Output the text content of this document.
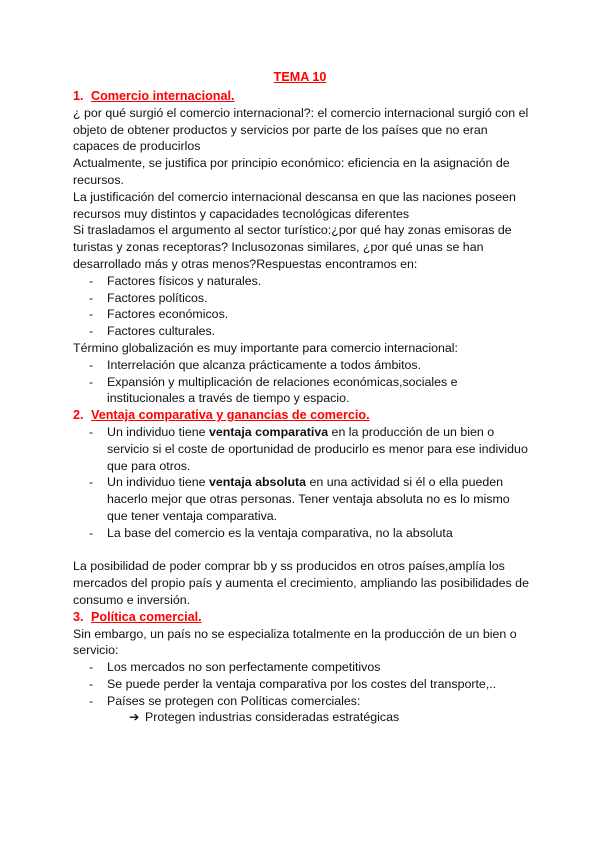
TEMA 10
1. Comercio internacional.

¿ por qué surgió el comercio internacional?: el comercio internacional surgió con el objeto de obtener productos y servicios por parte de los países que no eran capaces de producirlos

Actualmente, se justifica por principio económico: eficiencia en la asignación de recursos.

La justificación del comercio internacional descansa en que las naciones poseen recursos muy distintos y capacidades tecnológicas diferentes

Si trasladamos el argumento al sector turístico:¿por qué hay zonas emisoras de turistas y zonas receptoras? Inclusozonas similares, ¿por qué unas se han desarrollado más y otras menos?Respuestas encontramos en:

- Factores físicos y naturales.
- Factores políticos.
- Factores económicos.
- Factores culturales.

Término globalización es muy importante para comercio internacional:

- Interrelación que alcanza prácticamente a todos ámbitos.
- Expansión y multiplicación de relaciones económicas,sociales e institucionales a través de tiempo y espacio.
2. Ventaja comparativa y ganancias de comercio.
- Un individuo tiene ventaja comparativa en la producción de un bien o servicio si el coste de oportunidad de producirlo es menor para ese individuo que para otros.
- Un individuo tiene ventaja absoluta en una actividad si él o ella pueden hacerlo mejor que otras personas. Tener ventaja absoluta no es lo mismo que tener ventaja comparativa.
- La base del comercio es la ventaja comparativa, no la absoluta

La posibilidad de poder comprar bb y ss producidos en otros países,amplía los mercados del propio país y aumenta el crecimiento, ampliando las posibilidades de consumo e inversión.

3. Política comercial.

Sin embargo, un país no se especializa totalmente en la producción de un bien o servicio:

- Los mercados no son perfectamente competitivos
- Se puede perder la ventaja comparativa por los costes del transporte,..
- Países se protegen con Políticas comerciales:
➔ Protegen industrias consideradas estratégicas
